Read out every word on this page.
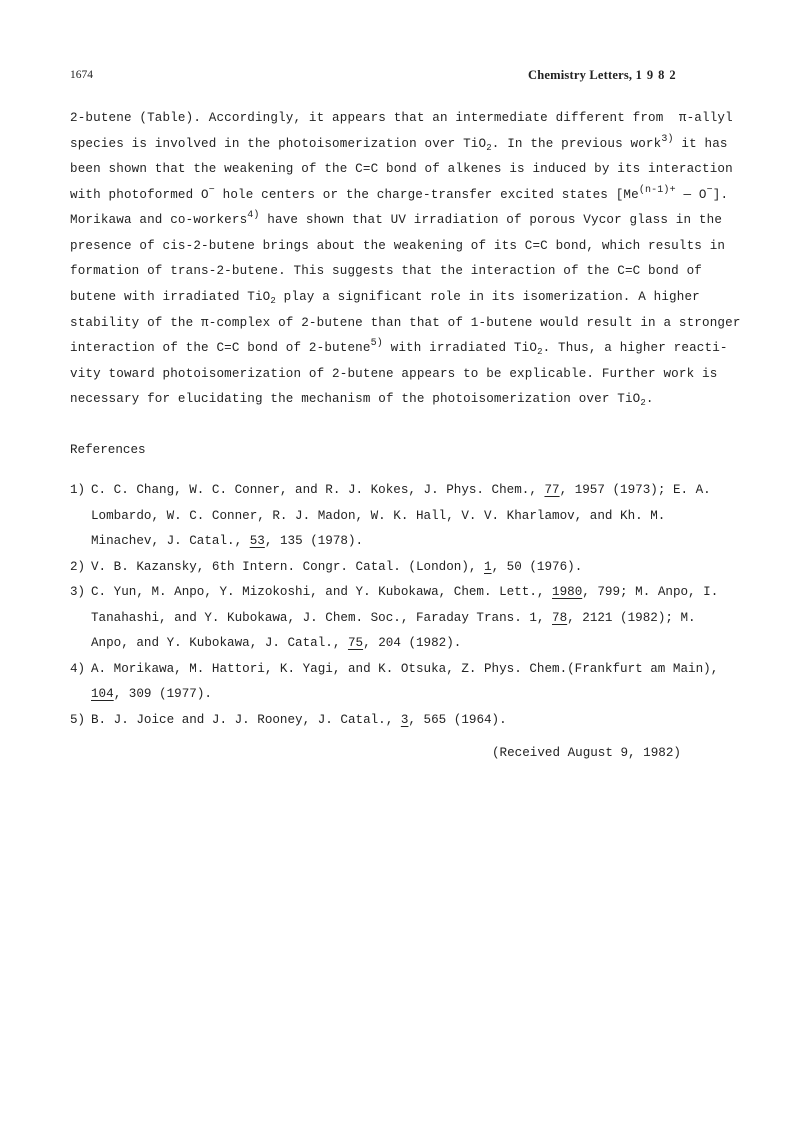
1674	Chemistry Letters, 1982
2-butene (Table). Accordingly, it appears that an intermediate different from  π-allyl
species is involved in the photoisomerization over TiO$_2$. In the previous work$^{3)}$ it has
been shown that the weakening of the C=C bond of alkenes is induced by its interaction
with photoformed O− hole centers or the charge-transfer excited states [$Me^{(n-1)+}$ — O−].
Morikawa and co-workers$^{4)}$ have shown that UV irradiation of porous Vycor glass in the
presence of cis-2-butene brings about the weakening of its C=C bond, which results in
formation of trans-2-butene. This suggests that the interaction of the C=C bond of
butene with irradiated TiO$_2$ play a significant role in its isomerization. A higher
stability of the π-complex of 2-butene than that of 1-butene would result in a stronger
interaction of the C=C bond of 2-butene$^{5)}$ with irradiated TiO$_2$. Thus, a higher reacti-
vity toward photoisomerization of 2-butene appears to be explicable. Further work is
necessary for elucidating the mechanism of the photoisomerization over TiO$_2$.
References
1) C. C. Chang, W. C. Conner, and R. J. Kokes, J. Phys. Chem., 77, 1957 (1973); E. A.
Lombardo, W. C. Conner, R. J. Madon, W. K. Hall, V. V. Kharlamov, and Kh. M.
Minachev, J. Catal., 53, 135 (1978).
2) V. B. Kazansky, 6th Intern. Congr. Catal. (London), 1, 50 (1976).
3) C. Yun, M. Anpo, Y. Mizokoshi, and Y. Kubokawa, Chem. Lett., 1980, 799; M. Anpo, I.
Tanahashi, and Y. Kubokawa, J. Chem. Soc., Faraday Trans. 1, 78, 2121 (1982); M.
Anpo, and Y. Kubokawa, J. Catal., 75, 204 (1982).
4) A. Morikawa, M. Hattori, K. Yagi, and K. Otsuka, Z. Phys. Chem.(Frankfurt am Main),
104, 309 (1977).
5) B. J. Joice and J. J. Rooney, J. Catal., 3, 565 (1964).
(Received August 9, 1982)
